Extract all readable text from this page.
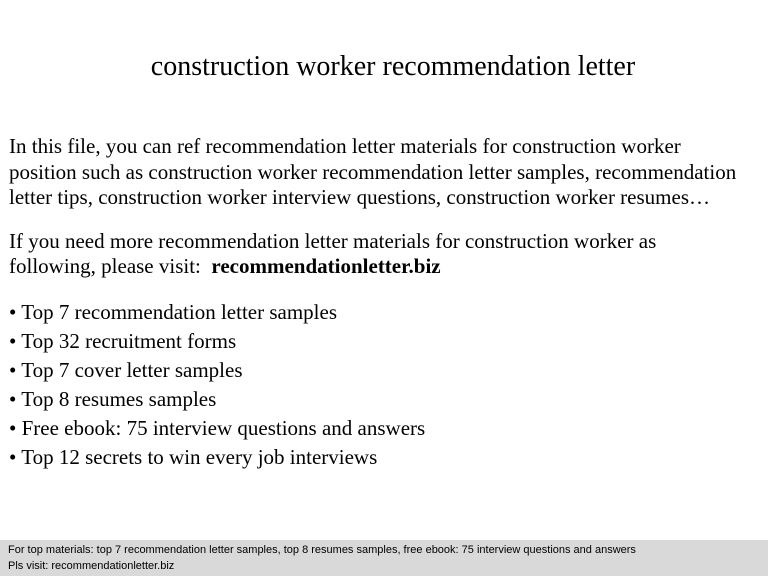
construction worker recommendation letter

In this file, you can ref recommendation letter materials for construction worker
position such as construction worker recommendation letter samples, recommendation
letter tips, construction worker interview questions, construction worker resumes…

If you need more recommendation letter materials for construction worker as
following, please visit: recommendationletter.biz

• Top 7 recommendation letter samples
• Top 32 recruitment forms
• Top 7 cover letter samples
• Top 8 resumes samples
• Free ebook: 75 interview questions and answers
• Top 12 secrets to win every job interviews
For top materials: top 7 recommendation letter samples, top 8 resumes samples, free ebook: 75 interview questions and answers
Pls visit: recommendationletter.biz
